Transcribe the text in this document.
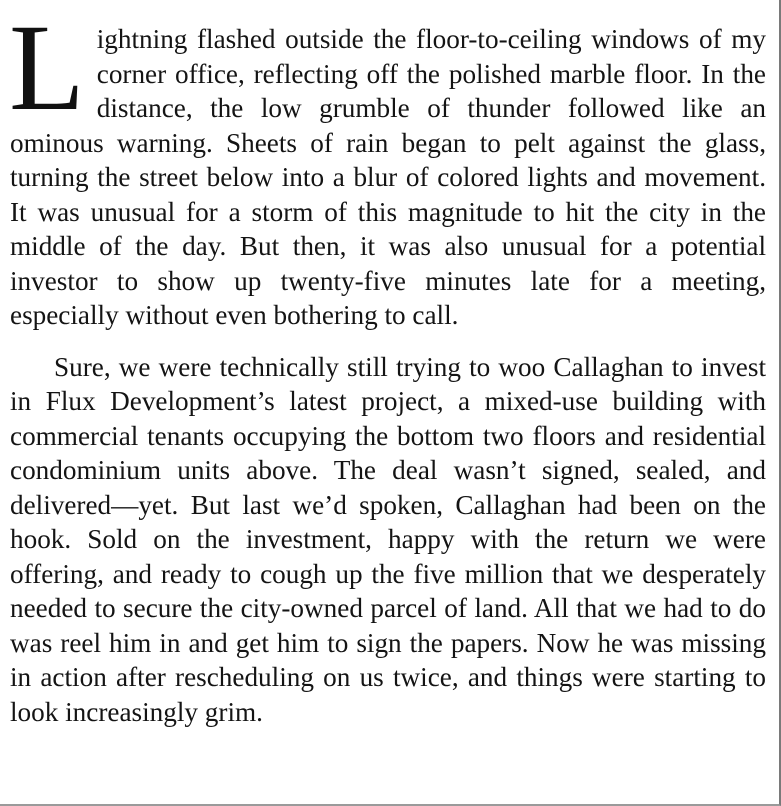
Lightning flashed outside the floor-to-ceiling windows of my corner office, reflecting off the polished marble floor. In the distance, the low grumble of thunder followed like an ominous warning. Sheets of rain began to pelt against the glass, turning the street below into a blur of colored lights and movement. It was unusual for a storm of this magnitude to hit the city in the middle of the day. But then, it was also unusual for a potential investor to show up twenty-five minutes late for a meeting, especially without even bothering to call.

Sure, we were technically still trying to woo Callaghan to invest in Flux Development’s latest project, a mixed-use building with commercial tenants occupying the bottom two floors and residential condominium units above. The deal wasn’t signed, sealed, and delivered—yet. But last we’d spoken, Callaghan had been on the hook. Sold on the investment, happy with the return we were offering, and ready to cough up the five million that we desperately needed to secure the city-owned parcel of land. All that we had to do was reel him in and get him to sign the papers. Now he was missing in action after rescheduling on us twice, and things were starting to look increasingly grim.
